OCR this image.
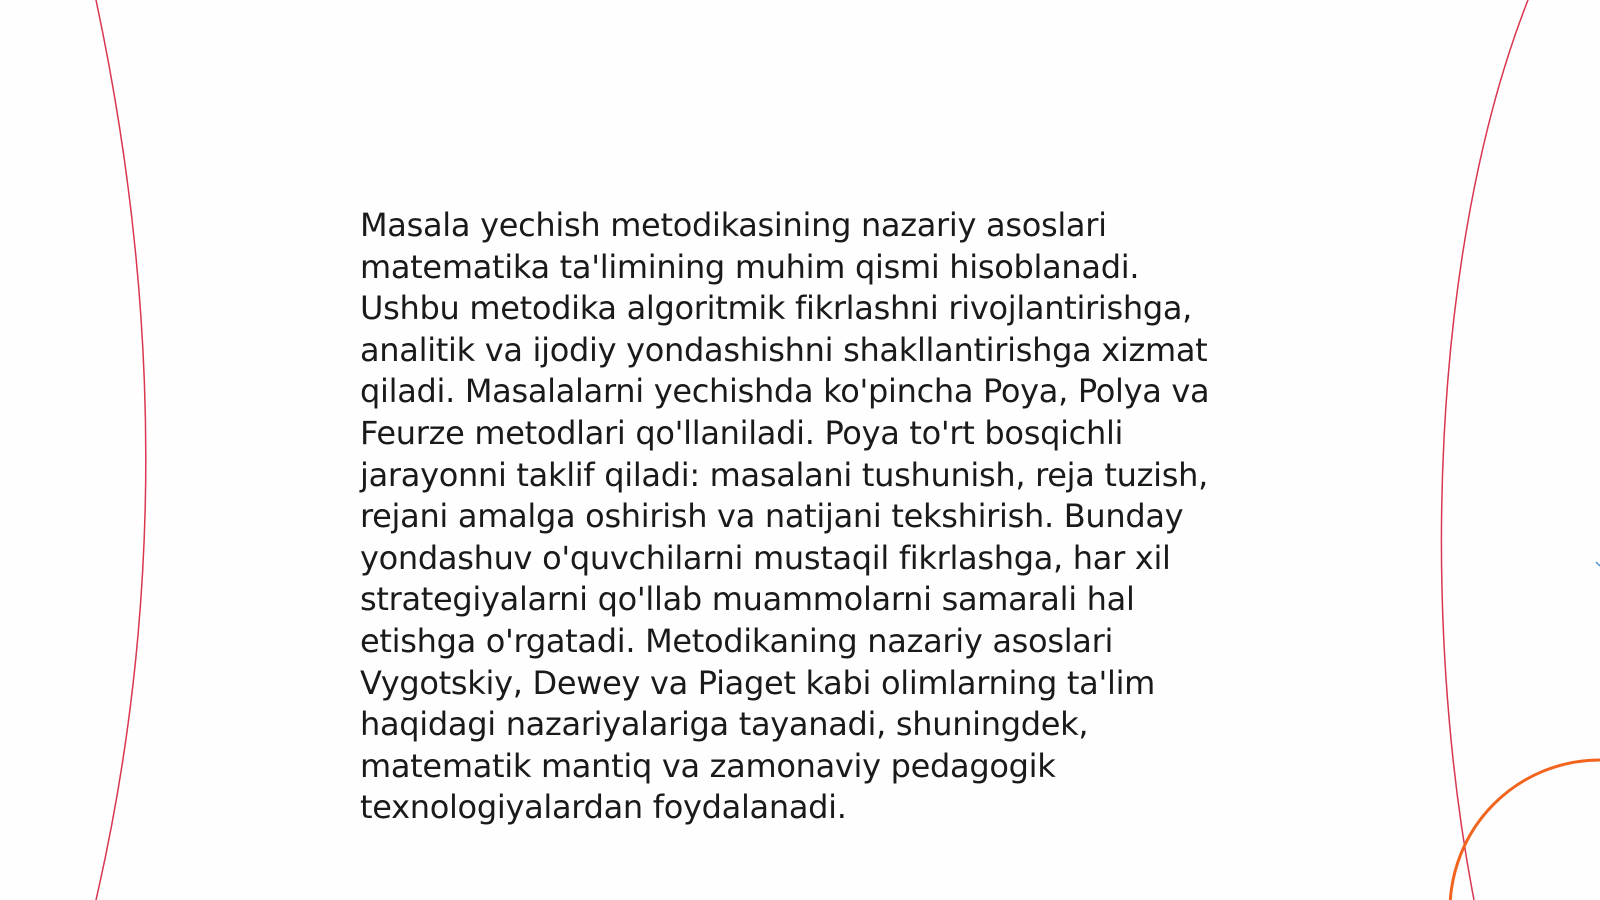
Masala yechish metodikasining nazariy asoslari matematika ta'limining muhim qismi hisoblanadi. Ushbu metodika algoritmik fikrlashni rivojlantirishga, analitik va ijodiy yondashishni shakllantirishga xizmat qiladi. Masalalarni yechishda ko'pincha Poya, Polya va Feurze metodlari qo'llaniladi. Poya to'rt bosqichli jarayonni taklif qiladi: masalani tushunish, reja tuzish, rejani amalga oshirish va natijani tekshirish. Bunday yondashuv o'quvchilarni mustaqil fikrlashga, har xil strategiyalarni qo'llab muammolarni samarali hal etishga o'rgatadi. Metodikaning nazariy asoslari Vygotskiy, Dewey va Piaget kabi olimlarning ta'lim haqidagi nazariyalariga tayanadi, shuningdek, matematik mantiq va zamonaviy pedagogik texnologiyalardan foydalanadi.
